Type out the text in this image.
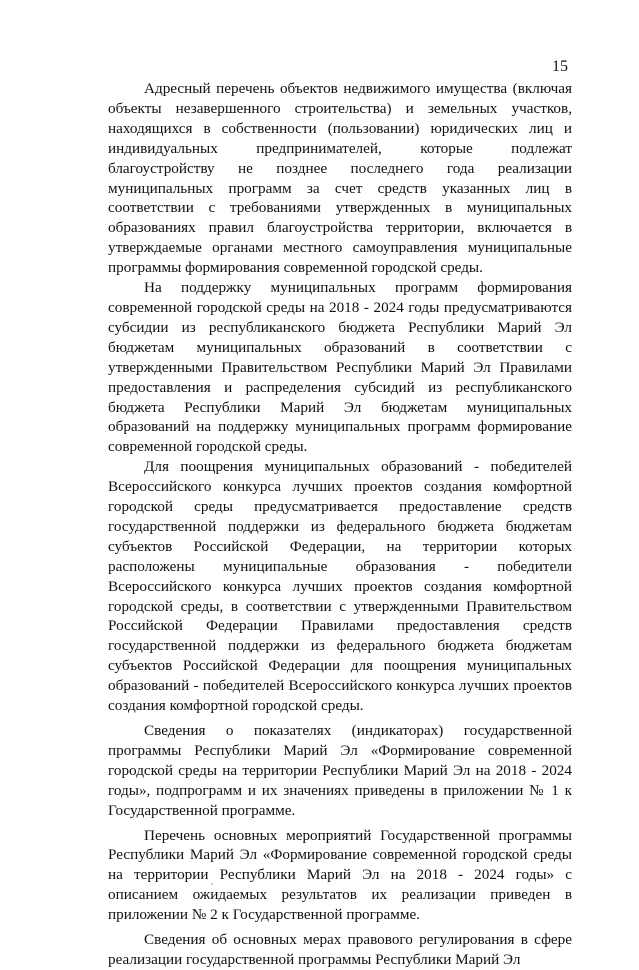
15

Адресный перечень объектов недвижимого имущества (включая объекты незавершенного строительства) и земельных участков, находящихся в собственности (пользовании) юридических лиц и индивидуальных предпринимателей, которые подлежат благоустройству не позднее последнего года реализации муниципальных программ за счет средств указанных лиц в соответствии с требованиями утвержденных в муниципальных образованиях правил благоустройства территории, включается в утверждаемые органами местного самоуправления муниципальные программы формирования современной городской среды.

На поддержку муниципальных программ формирования современной городской среды на 2018 - 2024 годы предусматриваются субсидии из республиканского бюджета Республики Марий Эл бюджетам муниципальных образований в соответствии с утвержденными Правительством Республики Марий Эл Правилами предоставления и распределения субсидий из республиканского бюджета Республики Марий Эл бюджетам муниципальных образований на поддержку муниципальных программ формирование современной городской среды.

Для поощрения муниципальных образований - победителей Всероссийского конкурса лучших проектов создания комфортной городской среды предусматривается предоставление средств государственной поддержки из федерального бюджета бюджетам субъектов Российской Федерации, на территории которых расположены муниципальные образования - победители Всероссийского конкурса лучших проектов создания комфортной городской среды, в соответствии с утвержденными Правительством Российской Федерации Правилами предоставления средств государственной поддержки из федерального бюджета бюджетам субъектов Российской Федерации для поощрения муниципальных образований - победителей Всероссийского конкурса лучших проектов создания комфортной городской среды.

Сведения о показателях (индикаторах) государственной программы Республики Марий Эл «Формирование современной городской среды на территории Республики Марий Эл на 2018 - 2024 годы», подпрограмм и их значениях приведены в приложении № 1 к Государственной программе.

Перечень основных мероприятий Государственной программы Республики Марий Эл «Формирование современной городской среды на территории Республики Марий Эл на 2018 - 2024 годы» с описанием ожидаемых результатов их реализации приведен в приложении № 2 к Государственной программе.

Сведения об основных мерах правового регулирования в сфере реализации государственной программы Республики Марий Эл
